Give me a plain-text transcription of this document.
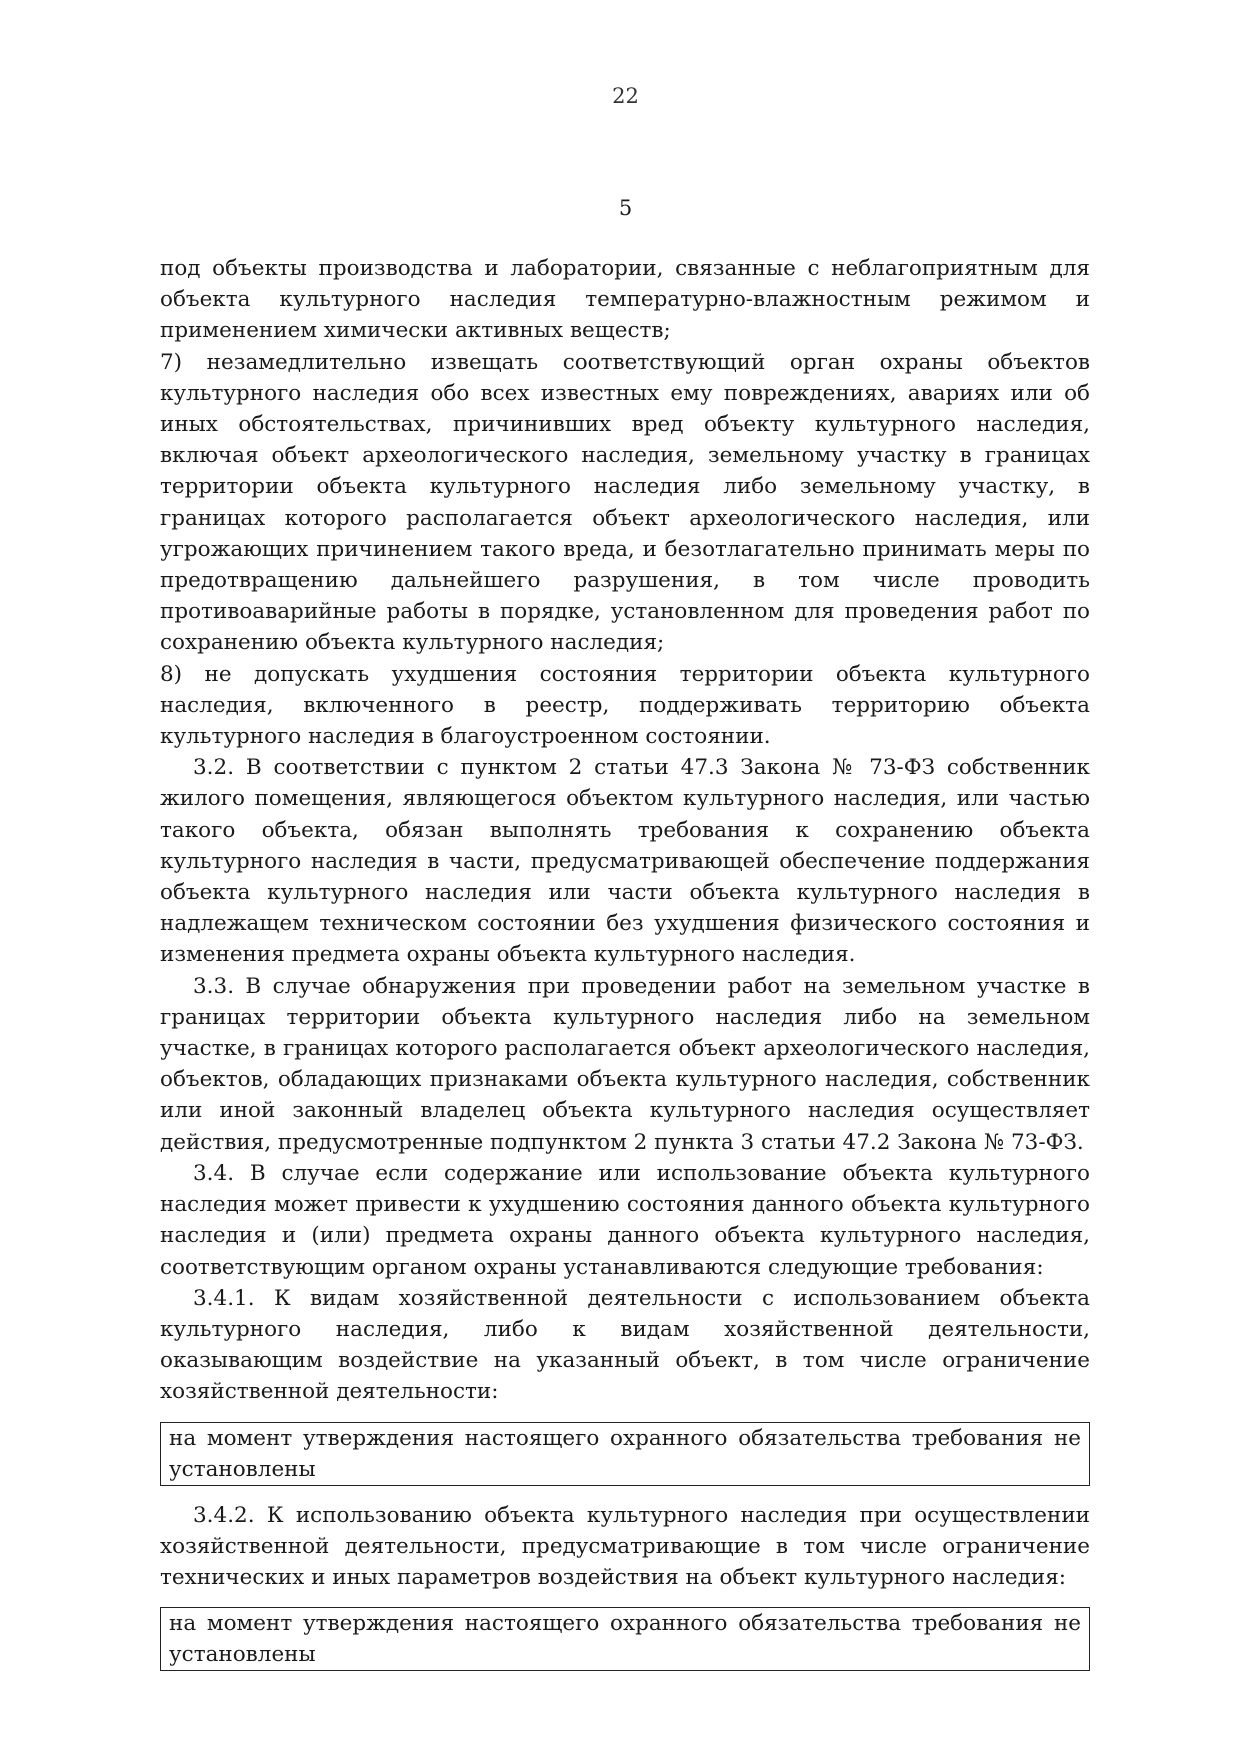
22
5

под объекты производства и лаборатории, связанные с неблагоприятным для объекта культурного наследия температурно-влажностным режимом и применением химически активных веществ;

7) незамедлительно извещать соответствующий орган охраны объектов культурного наследия обо всех известных ему повреждениях, авариях или об иных обстоятельствах, причинивших вред объекту культурного наследия, включая объект археологического наследия, земельному участку в границах территории объекта культурного наследия либо земельному участку, в границах которого располагается объект археологического наследия, или угрожающих причинением такого вреда, и безотлагательно принимать меры по предотвращению дальнейшего разрушения, в том числе проводить противоаварийные работы в порядке, установленном для проведения работ по сохранению объекта культурного наследия;

8) не допускать ухудшения состояния территории объекта культурного наследия, включенного в реестр, поддерживать территорию объекта культурного наследия в благоустроенном состоянии.

3.2. В соответствии с пунктом 2 статьи 47.3 Закона № 73-ФЗ собственник жилого помещения, являющегося объектом культурного наследия, или частью такого объекта, обязан выполнять требования к сохранению объекта культурного наследия в части, предусматривающей обеспечение поддержания объекта культурного наследия или части объекта культурного наследия в надлежащем техническом состоянии без ухудшения физического состояния и изменения предмета охраны объекта культурного наследия.

3.3. В случае обнаружения при проведении работ на земельном участке в границах территории объекта культурного наследия либо на земельном участке, в границах которого располагается объект археологического наследия, объектов, обладающих признаками объекта культурного наследия, собственник или иной законный владелец объекта культурного наследия осуществляет действия, предусмотренные подпунктом 2 пункта 3 статьи 47.2 Закона № 73-ФЗ.

3.4. В случае если содержание или использование объекта культурного наследия может привести к ухудшению состояния данного объекта культурного наследия и (или) предмета охраны данного объекта культурного наследия, соответствующим органом охраны устанавливаются следующие требования:

3.4.1. К видам хозяйственной деятельности с использованием объекта культурного наследия, либо к видам хозяйственной деятельности, оказывающим воздействие на указанный объект, в том числе ограничение хозяйственной деятельности:

на момент утверждения настоящего охранного обязательства требования не установлены

3.4.2. К использованию объекта культурного наследия при осуществлении хозяйственной деятельности, предусматривающие в том числе ограничение технических и иных параметров воздействия на объект культурного наследия:

на момент утверждения настоящего охранного обязательства требования не установлены
